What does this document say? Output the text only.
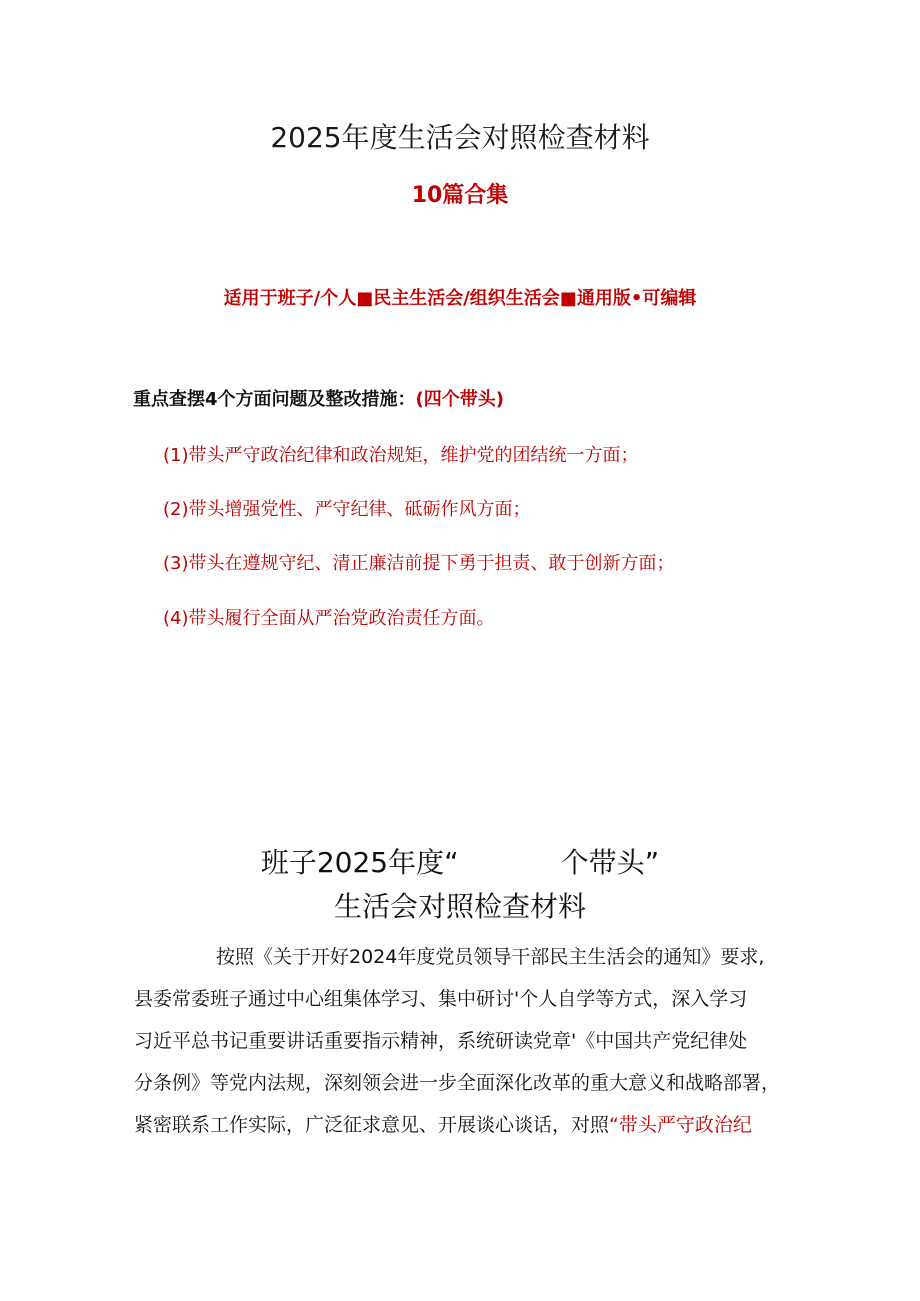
2025年度生活会对照检查材料
10篇合集
适用于班子/个人■民主生活会/组织生活会■通用版•可编辑
重点查摆4个方面问题及整改措施：(四个带头)
(1)带头严守政治纪律和政治规矩，维护党的团结统一方面；
(2)带头增强党性、严守纪律、砥砺作风方面；
(3)带头在遵规守纪、清正廉洁前提下勇于担责、敢于创新方面；
(4)带头履行全面从严治党政治责任方面。
班子2025年度“	个带头”
生活会对照检查材料
按照《关于开好2024年度党员领导干部民主生活会的通知》要求,
县委常委班子通过中心组集体学习、集中研讨'个人自学等方式，深入学习
习近平总书记重要讲话重要指示精神，系统研读党章'《中国共产党纪律处
分条例》等党内法规，深刻领会进一步全面深化改革的重大意义和战略部署，
紧密联系工作实际，广泛征求意见、开展谈心谈话，对照“带头严守政治纪
